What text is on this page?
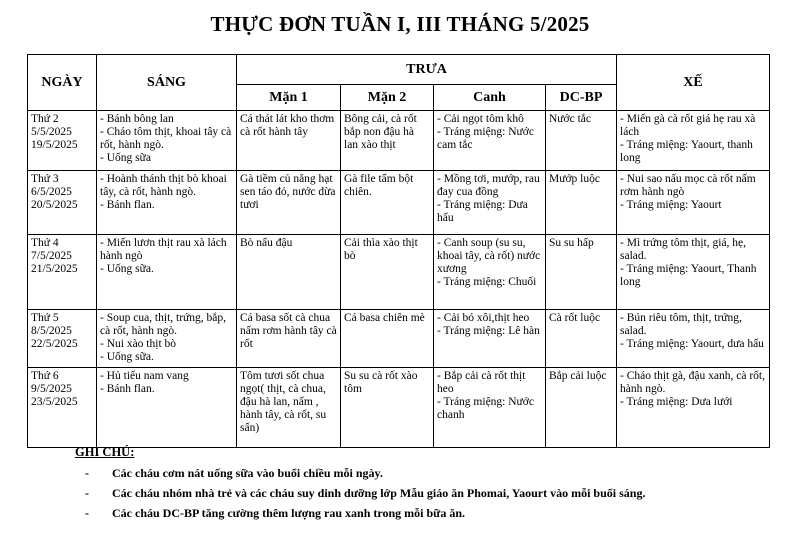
THỰC ĐƠN TUẦN I, III THÁNG 5/2025
NGÀY	SÁNG	TRƯA				XẾ
		Mặn 1	Mặn 2	Canh	DC-BP	

Thứ 2
5/5/2025
19/5/2025	- Bánh bông lan
- Cháo tôm thịt, khoai tây cà rốt, hành ngò.
- Uống sữa	Cá thát lát kho thơm cà rốt hành tây	Bông cải, cà rốt bắp non đậu hà lan xào thịt	- Cải ngọt tôm khô
- Tráng miệng: Nước cam tắc	Nước tắc	- Miến gà cà rốt giá hẹ rau xà lách
- Tráng miệng: Yaourt, thanh long

Thứ 3
6/5/2025
20/5/2025	- Hoành thánh thịt bò khoai tây, cà rốt, hành ngò.
- Bánh flan.	Gà tiềm củ năng hạt sen táo đỏ, nước dừa tươi	Gà file tẩm bột chiên.	- Mồng tơi, mướp, rau đay cua đồng
- Tráng miệng: Dưa hấu	Mướp luộc	- Nui sao nấu mọc cà rốt nấm rơm hành ngò
- Tráng miệng: Yaourt

Thứ 4
7/5/2025
21/5/2025	- Miến lươn thịt rau xà lách hành ngò
- Uống sữa.	Bò nấu đậu	Cải thìa xào thịt bò	- Canh soup (su su, khoai tây, cà rốt) nước xương
- Tráng miệng: Chuối	Su su hấp	- Mì trứng tôm thịt, giá, hẹ, salad.
- Tráng miệng: Yaourt, Thanh long

Thứ 5
8/5/2025
22/5/2025	- Soup cua, thịt, trứng, bắp, cà rốt, hành ngò.
- Nui xào thịt bò
- Uống sữa.	Cá basa sốt cà chua nấm rơm hành tây cà rốt	Cá basa chiên mè	- Cải bó xôi,thịt heo
- Tráng miệng: Lê hàn	Cà rốt luộc	- Bún riêu tôm, thịt, trứng, salad.
- Tráng miệng: Yaourt, dưa hấu

Thứ 6
9/5/2025
23/5/2025	- Hủ tiếu nam vang
- Bánh flan.	Tôm tươi sốt chua ngọt( thịt, cà chua, đậu hà lan, nấm , hành tây, cà rốt, su sấn)	Su su cà rốt xào tôm	- Bắp cải cà rốt thịt heo
- Tráng miệng: Nước chanh	Bắp cải luộc	- Cháo thịt gà, đậu xanh, cà rốt, hành ngò.
- Tráng miệng: Dưa lưới
GHI CHÚ:
- Các cháu cơm nát uống sữa vào buổi chiều mỗi ngày.
- Các cháu nhóm nhà trẻ và các cháu suy dinh dưỡng lớp Mẫu giáo ăn Phomai, Yaourt vào mỗi buổi sáng.
- Các cháu DC-BP tăng cường thêm lượng rau xanh trong mỗi bữa ăn.
